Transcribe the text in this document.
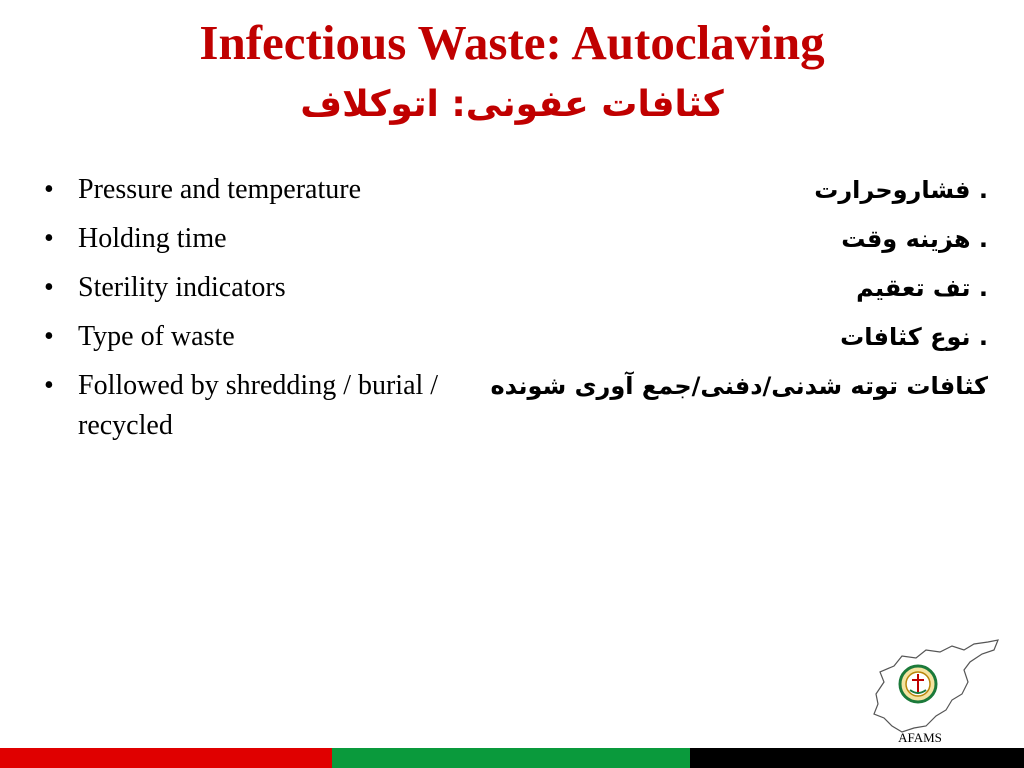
Infectious Waste: Autoclaving
کثافات عفونی: اتوکلاف
• Pressure and temperature
• Holding time
• Sterility indicators
• Type of waste
• Followed by shredding / burial / recycled
. فشاروحرارت
. هزینه وقت
. تف تعقیم
. نوع کثافات
کثافات توته شدنی/دفنی/جمع آوری شونده
AFAMS
